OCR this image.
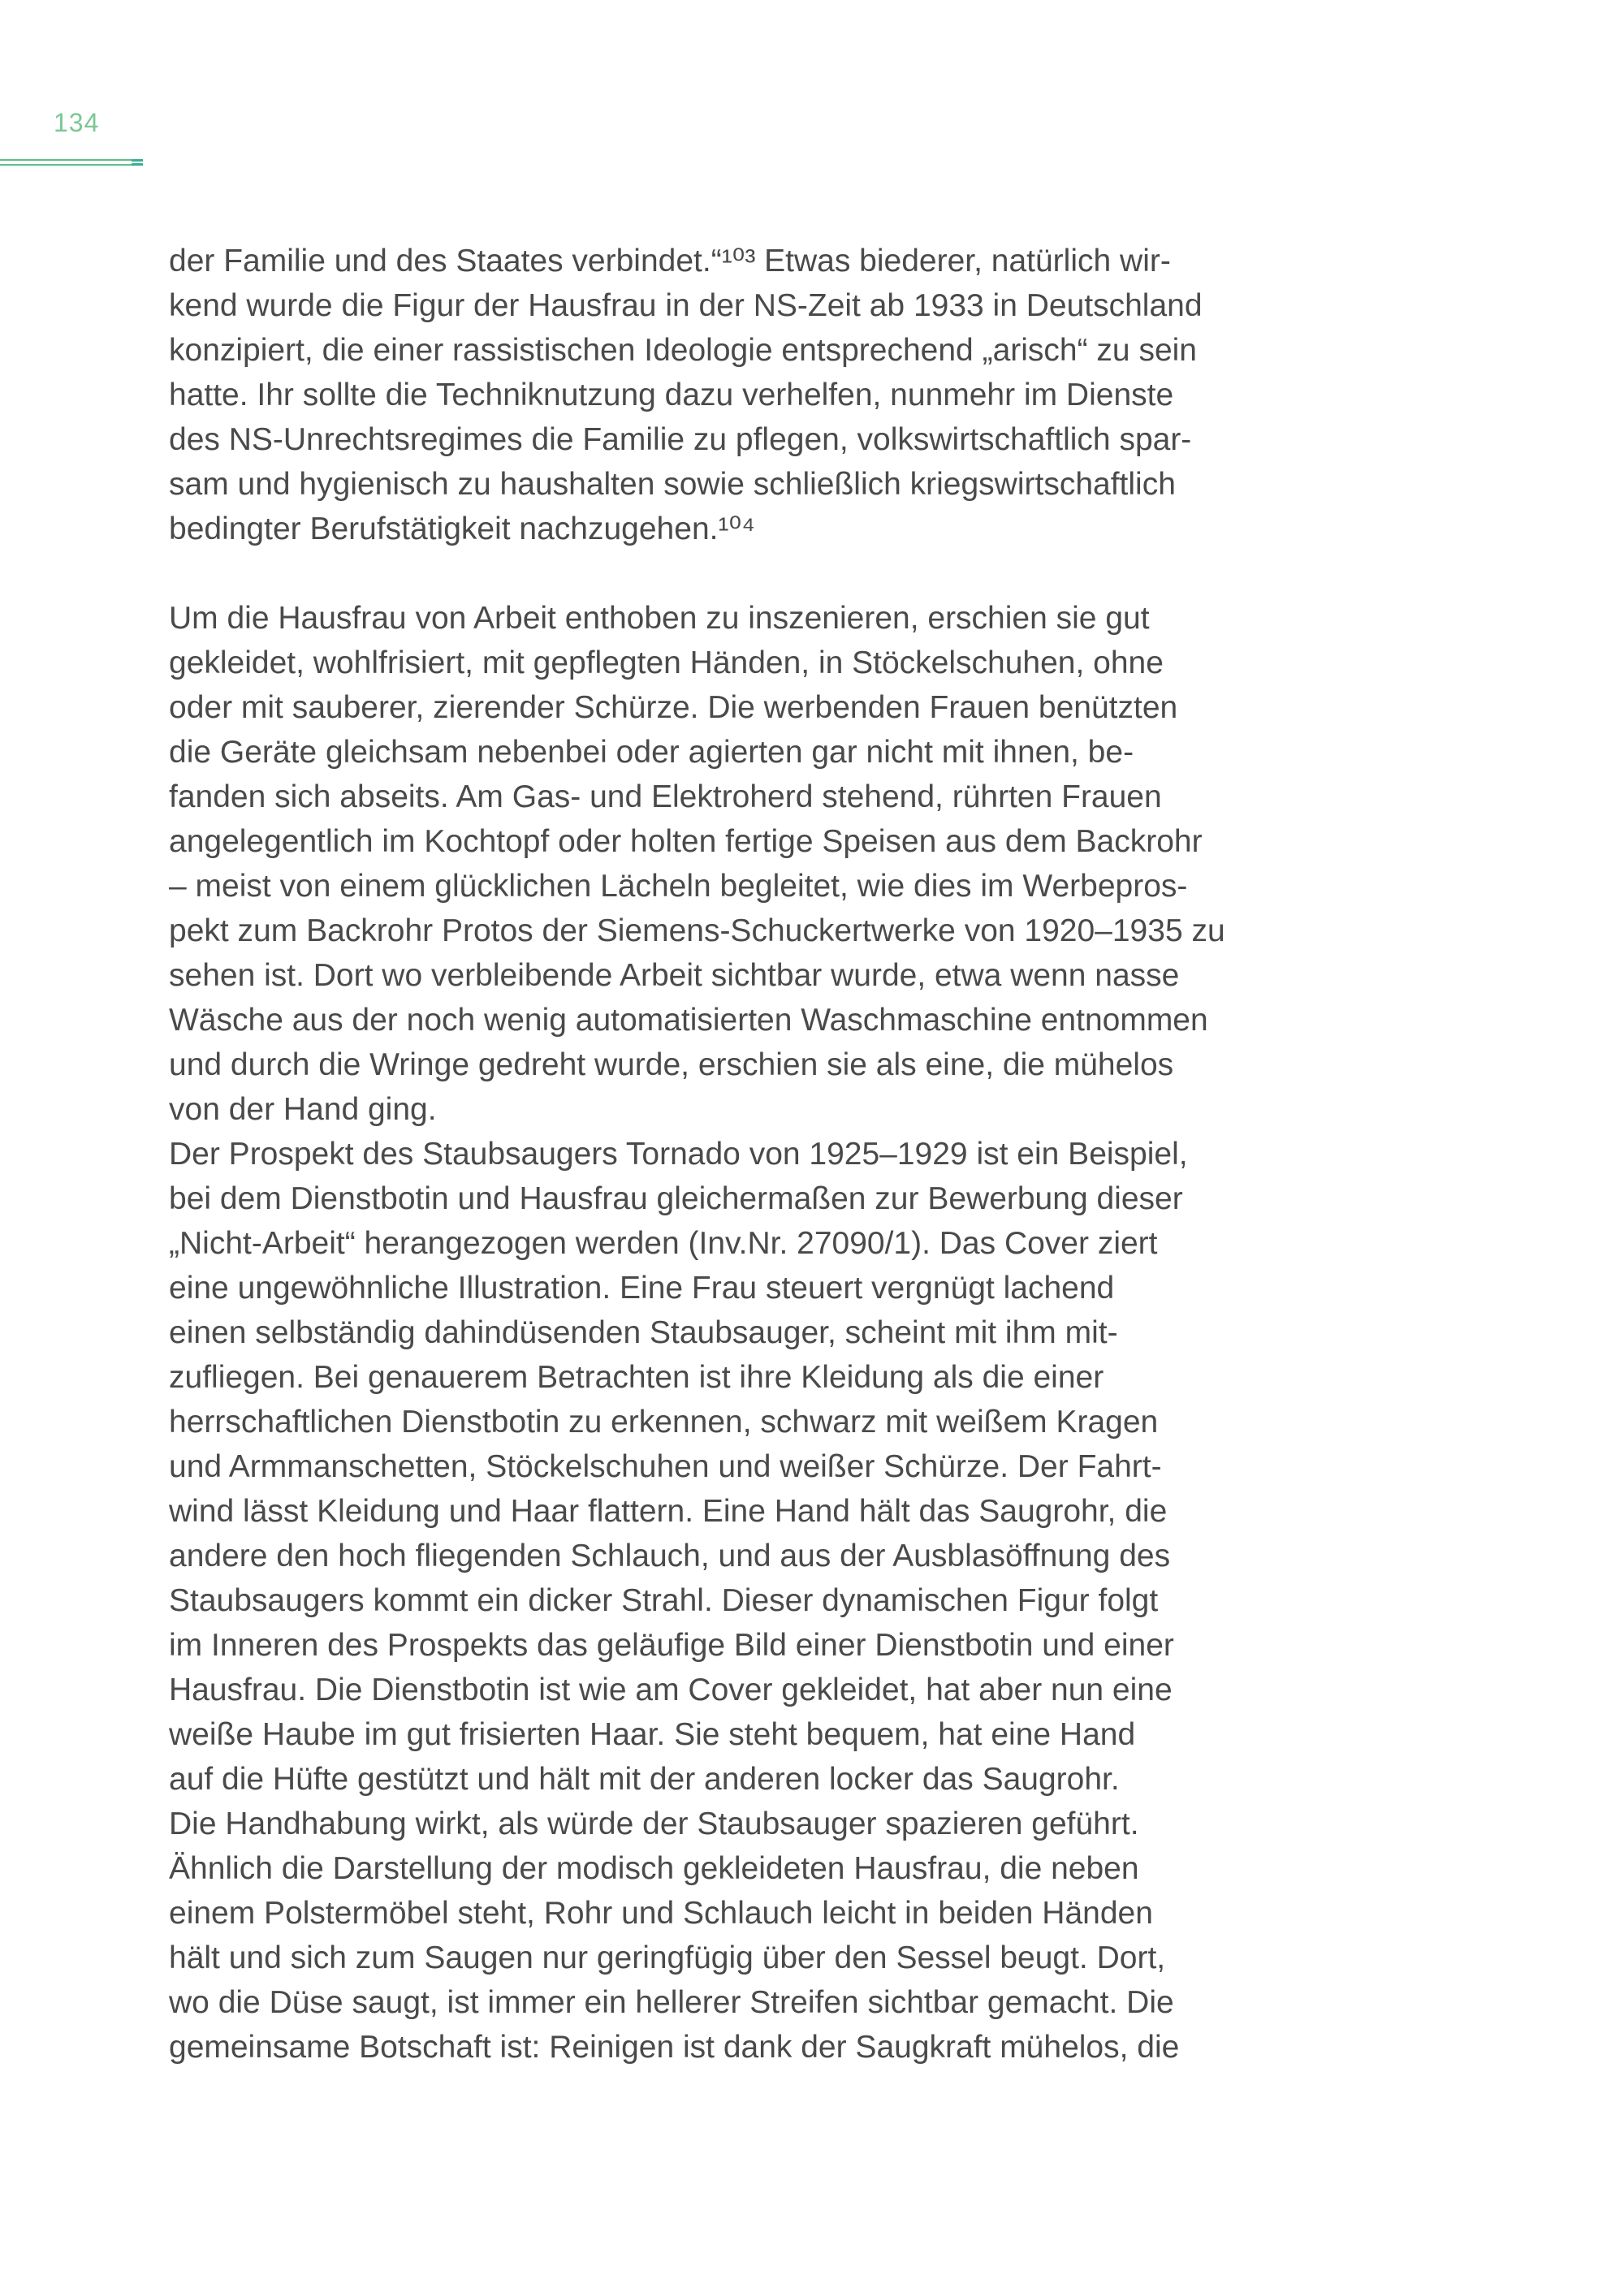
134
der Familie und des Staates verbindet.“¹⁰³ Etwas biederer, natürlich wir-
kend wurde die Figur der Hausfrau in der NS-Zeit ab 1933 in Deutschland
konzipiert, die einer rassistischen Ideologie entsprechend „arisch“ zu sein
hatte. Ihr sollte die Techniknutzung dazu verhelfen, nunmehr im Dienste
des NS-Unrechtsregimes die Familie zu pflegen, volkswirtschaftlich spar-
sam und hygienisch zu haushalten sowie schließlich kriegswirtschaftlich
bedingter Berufstätigkeit nachzugehen.¹⁰⁴
Um die Hausfrau von Arbeit enthoben zu inszenieren, erschien sie gut
gekleidet, wohlfrisiert, mit gepflegten Händen, in Stöckelschuhen, ohne
oder mit sauberer, zierender Schürze. Die werbenden Frauen benützten
die Geräte gleichsam nebenbei oder agierten gar nicht mit ihnen, be-
fanden sich abseits. Am Gas- und Elektroherd stehend, rührten Frauen
angelegentlich im Kochtopf oder holten fertige Speisen aus dem Backrohr
– meist von einem glücklichen Lächeln begleitet, wie dies im Werbepros-
pekt zum Backrohr Protos der Siemens-Schuckertwerke von 1920–1935 zu
sehen ist. Dort wo verbleibende Arbeit sichtbar wurde, etwa wenn nasse
Wäsche aus der noch wenig automatisierten Waschmaschine entnommen
und durch die Wringe gedreht wurde, erschien sie als eine, die mühelos
von der Hand ging.
Der Prospekt des Staubsaugers Tornado von 1925–1929 ist ein Beispiel,
bei dem Dienstbotin und Hausfrau gleichermaßen zur Bewerbung dieser
„Nicht-Arbeit“ herangezogen werden (Inv.Nr. 27090/1). Das Cover ziert
eine ungewöhnliche Illustration. Eine Frau steuert vergnügt lachend
einen selbständig dahindüsenden Staubsauger, scheint mit ihm mit-
zufliegen. Bei genauerem Betrachten ist ihre Kleidung als die einer
herrschaftlichen Dienstbotin zu erkennen, schwarz mit weißem Kragen
und Armmanschetten, Stöckelschuhen und weißer Schürze. Der Fahrt-
wind lässt Kleidung und Haar flattern. Eine Hand hält das Saugrohr, die
andere den hoch fliegenden Schlauch, und aus der Ausblasöffnung des
Staubsaugers kommt ein dicker Strahl. Dieser dynamischen Figur folgt
im Inneren des Prospekts das geläufige Bild einer Dienstbotin und einer
Hausfrau. Die Dienstbotin ist wie am Cover gekleidet, hat aber nun eine
weiße Haube im gut frisierten Haar. Sie steht bequem, hat eine Hand
auf die Hüfte gestützt und hält mit der anderen locker das Saugrohr.
Die Handhabung wirkt, als würde der Staubsauger spazieren geführt.
Ähnlich die Darstellung der modisch gekleideten Hausfrau, die neben
einem Polstermöbel steht, Rohr und Schlauch leicht in beiden Händen
hält und sich zum Saugen nur geringfügig über den Sessel beugt. Dort,
wo die Düse saugt, ist immer ein hellerer Streifen sichtbar gemacht. Die
gemeinsame Botschaft ist: Reinigen ist dank der Saugkraft mühelos, die
